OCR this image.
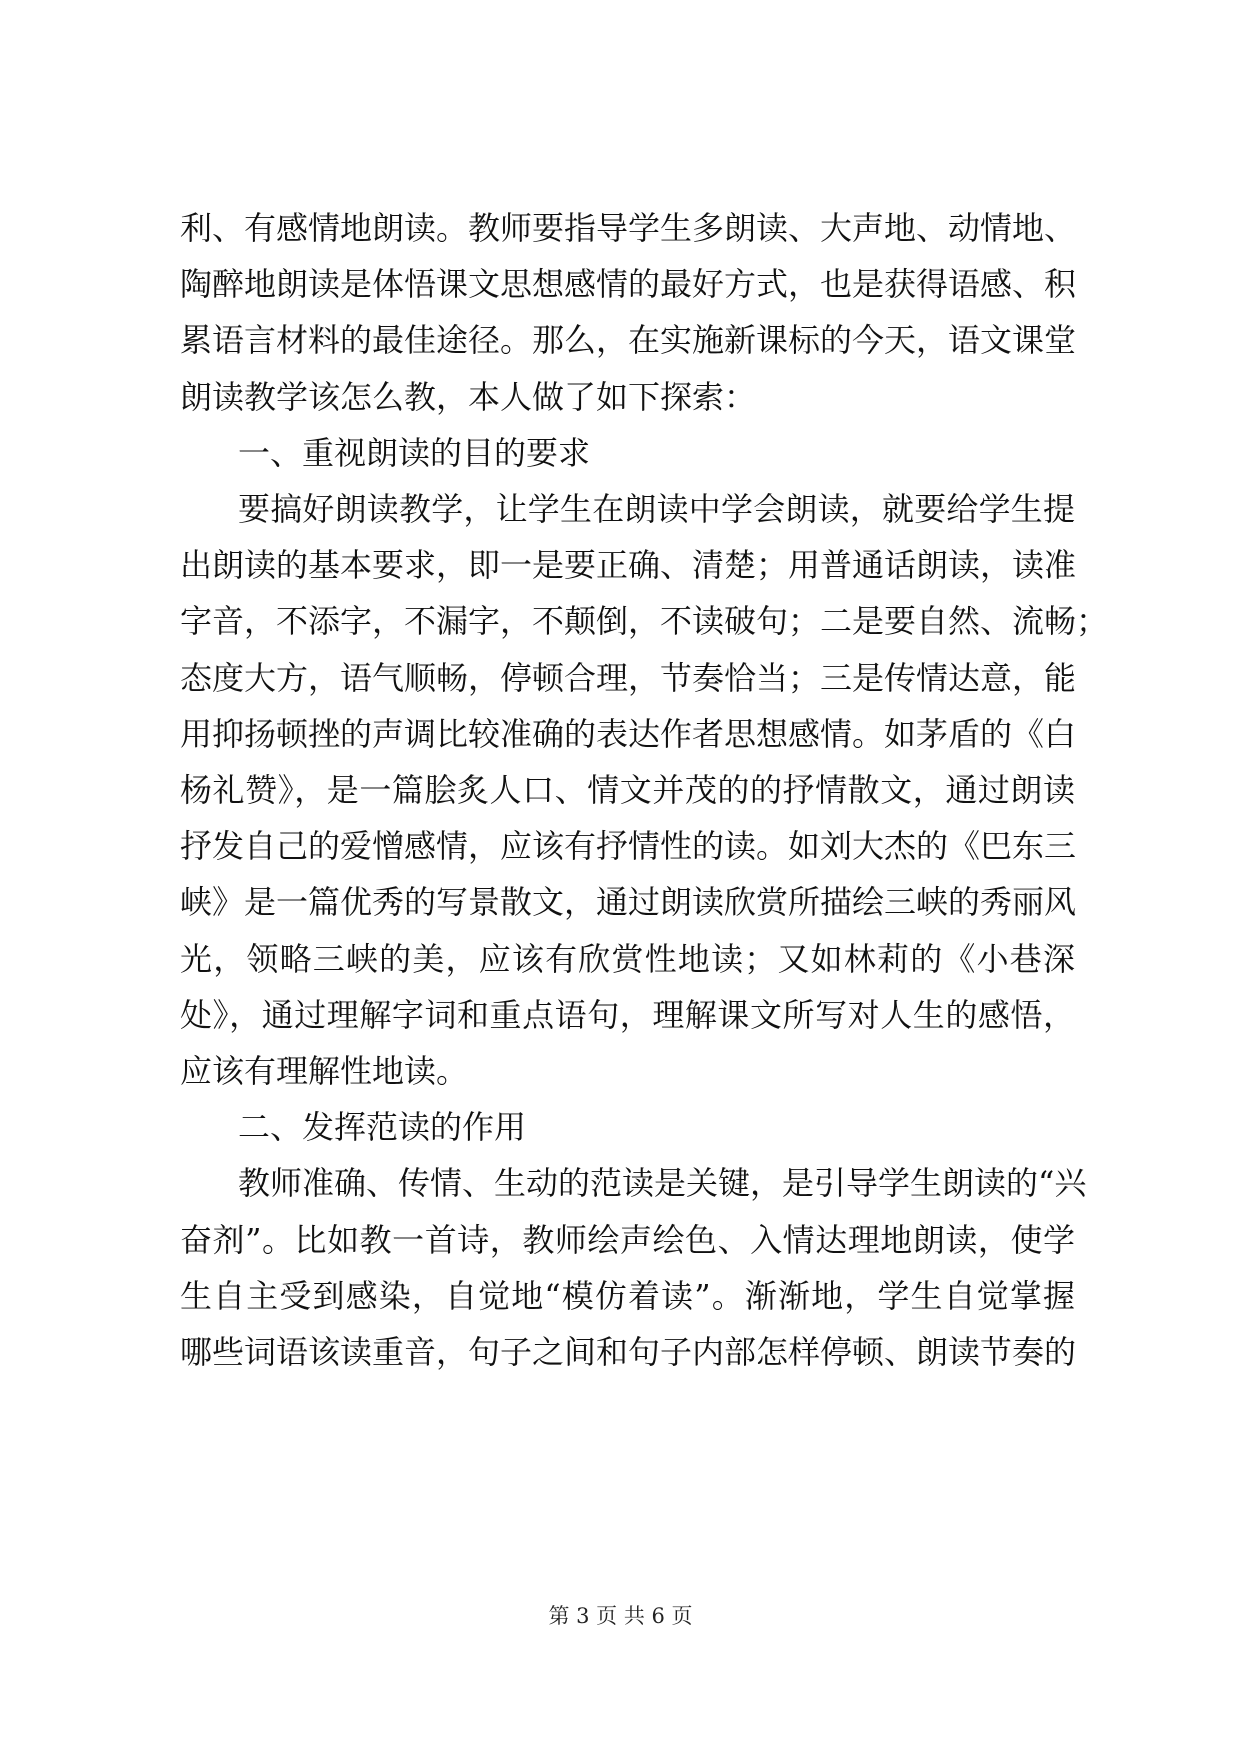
利、有感情地朗读。教师要指导学生多朗读、大声地、动情地、
陶醉地朗读是体悟课文思想感情的最好方式，也是获得语感、积
累语言材料的最佳途径。那么，在实施新课标的今天，语文课堂
朗读教学该怎么教，本人做了如下探索：
一、重视朗读的目的要求
要搞好朗读教学，让学生在朗读中学会朗读，就要给学生提
出朗读的基本要求，即一是要正确、清楚；用普通话朗读，读准
字音，不添字，不漏字，不颠倒，不读破句；二是要自然、流畅；
态度大方，语气顺畅，停顿合理，节奏恰当；三是传情达意，能
用抑扬顿挫的声调比较准确的表达作者思想感情。如茅盾的《白
杨礼赞》，是一篇脍炙人口、情文并茂的的抒情散文，通过朗读
抒发自己的爱憎感情，应该有抒情性的读。如刘大杰的《巴东三
峡》是一篇优秀的写景散文，通过朗读欣赏所描绘三峡的秀丽风
光，领略三峡的美，应该有欣赏性地读；又如林莉的《小巷深
处》，通过理解字词和重点语句，理解课文所写对人生的感悟，
应该有理解性地读。
二、发挥范读的作用
教师准确、传情、生动的范读是关键，是引导学生朗读的“兴
奋剂”。比如教一首诗，教师绘声绘色、入情达理地朗读，使学
生自主受到感染，自觉地“模仿着读”。渐渐地，学生自觉掌握
哪些词语该读重音，句子之间和句子内部怎样停顿、朗读节奏的
第 3 页 共 6 页
